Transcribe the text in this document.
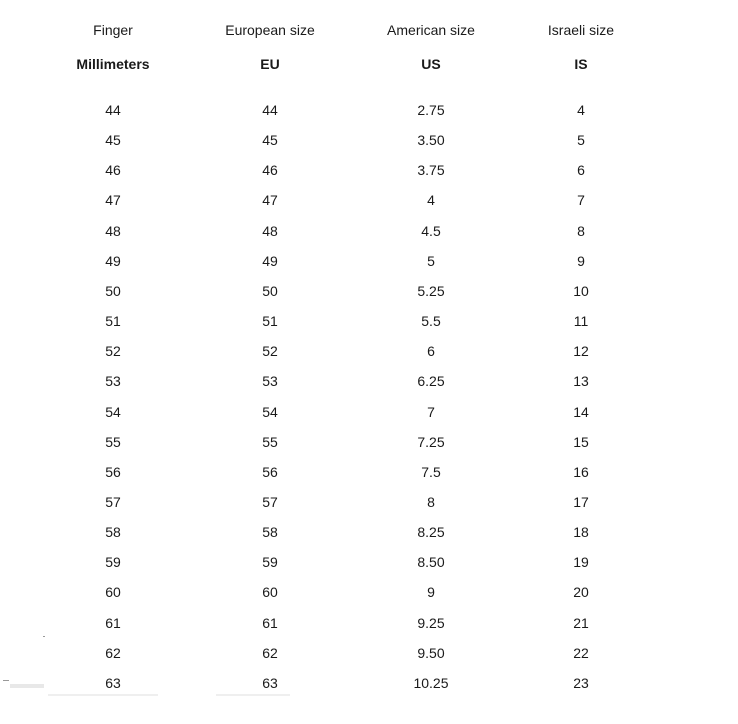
Finger	European size	American size	Israeli size
Millimeters	EU	US	IS
44	44	2.75	4
45	45	3.50	5
46	46	3.75	6
47	47	4	7
48	48	4.5	8
49	49	5	9
50	50	5.25	10
51	51	5.5	11
52	52	6	12
53	53	6.25	13
54	54	7	14
55	55	7.25	15
56	56	7.5	16
57	57	8	17
58	58	8.25	18
59	59	8.50	19
60	60	9	20
61	61	9.25	21
62	62	9.50	22
63	63	10.25	23
